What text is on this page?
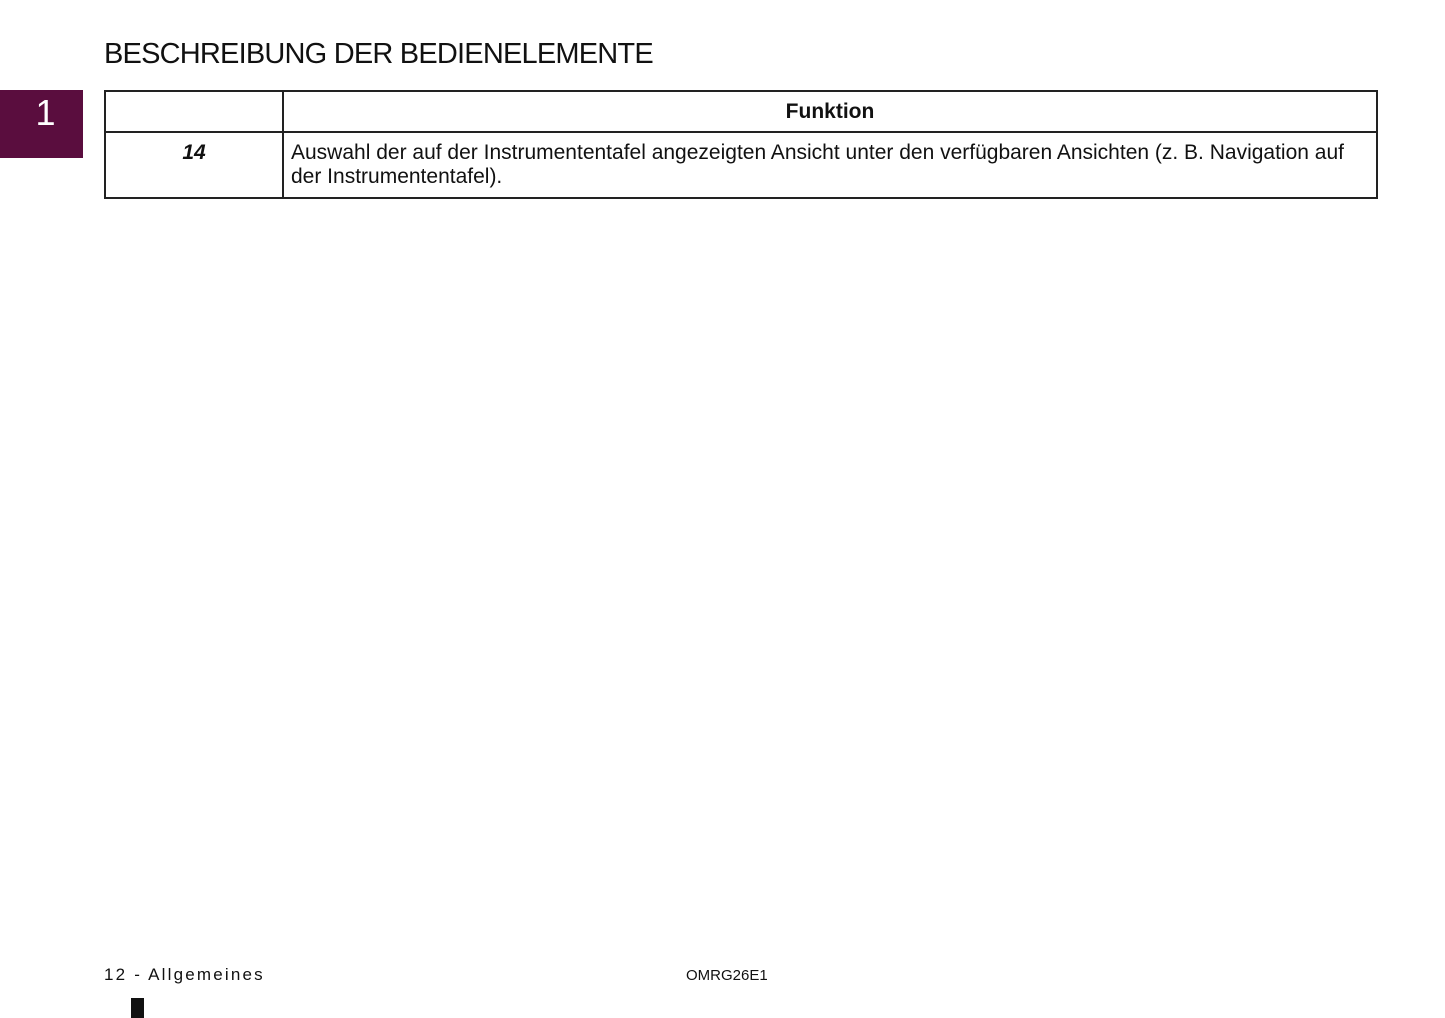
BESCHREIBUNG DER BEDIENELEMENTE
1
		Funktion
14	Auswahl der auf der Instrumententafel angezeigten Ansicht unter den verfügbaren Ansichten (z. B. Navigation auf der Instrumententafel).
12 - Allgemeines	OMRG26E1
